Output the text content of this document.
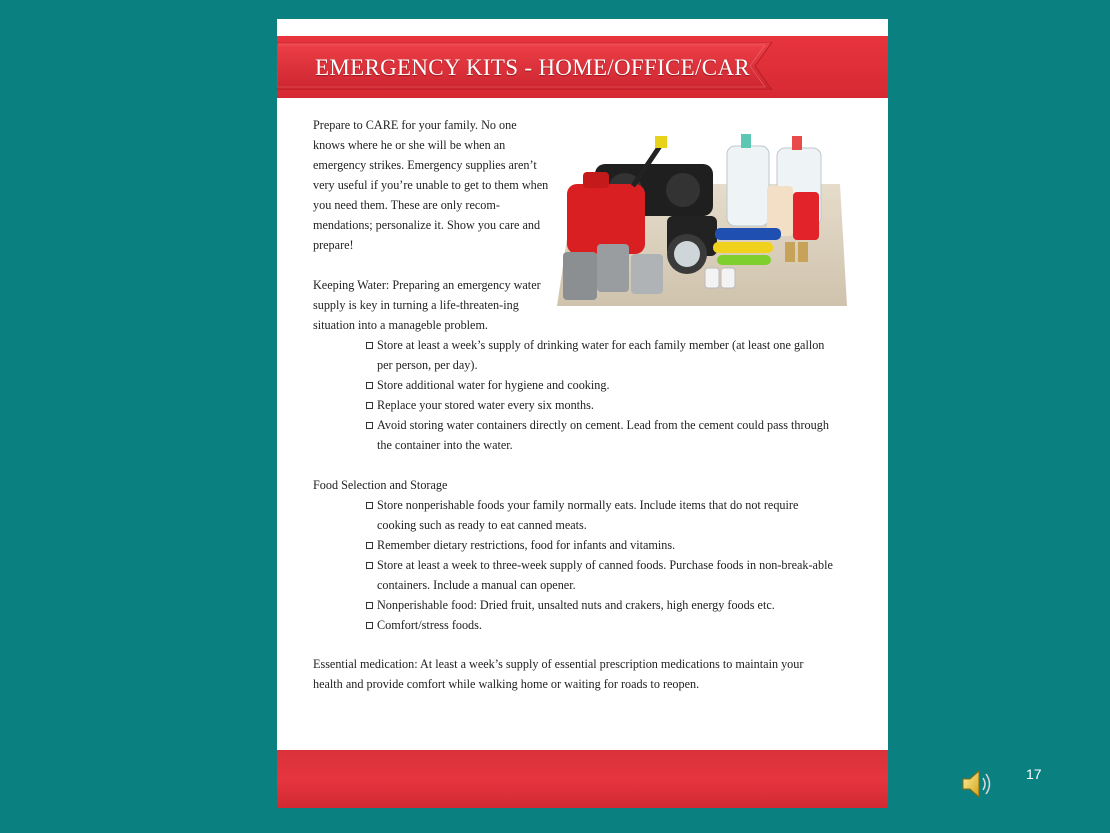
EMERGENCY KITS - HOME/OFFICE/CAR

Prepare to CARE for your family. No one knows where he or she will be when an emergency strikes. Emergency supplies aren’t very useful if you’re unable to get to them when you need them. These are only recom-mendations; personalize it. Show you care and prepare!

Keeping Water: Preparing an emergency water supply is key in turning a life-threaten-ing situation into a manageble problem.

Store at least a week’s supply of drinking water for each family member (at least one gallon per person, per day).

Store additional water for hygiene and cooking.

Replace your stored water every six months.

Avoid storing water containers directly on cement. Lead from the cement could pass through the container into the water.

Food Selection and Storage

Store nonperishable foods your family normally eats. Include items that do not require cooking such as ready to eat canned meats.

Remember dietary restrictions, food for infants and vitamins.

Store at least a week to three-week supply of canned foods. Purchase foods in non-break-able containers. Include a manual can opener.

Nonperishable food: Dried fruit, unsalted nuts and crakers, high energy foods etc.

Comfort/stress foods.

Essential medication: At least a week’s supply of essential prescription medications to maintain your health and provide comfort while walking home or waiting for roads to reopen.
17
